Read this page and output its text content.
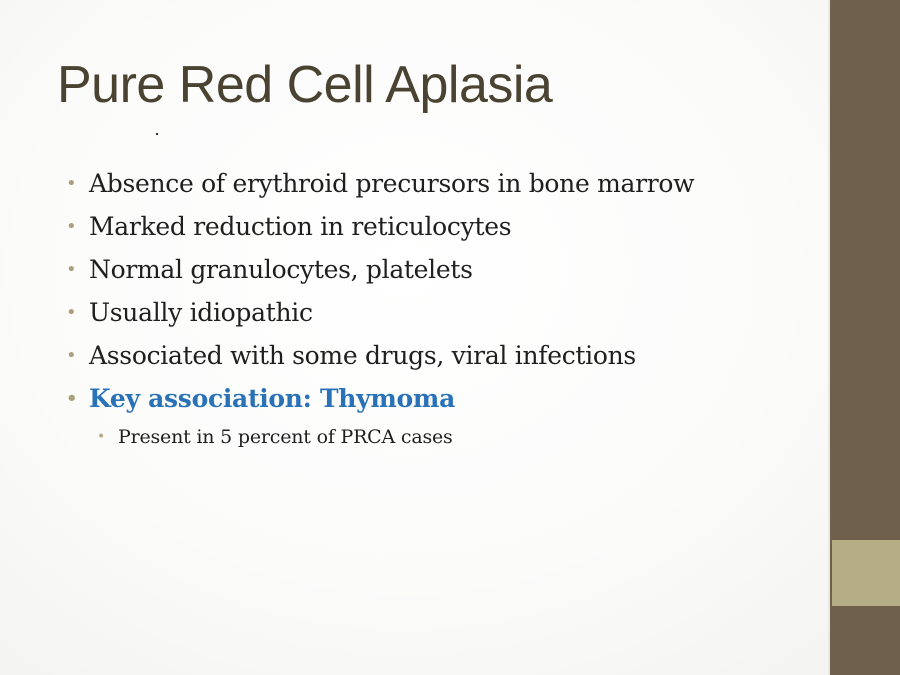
Pure Red Cell Aplasia
• Absence of erythroid precursors in bone marrow
• Marked reduction in reticulocytes
• Normal granulocytes, platelets
• Usually idiopathic
• Associated with some drugs, viral infections
• Key association: Thymoma
• Present in 5 percent of PRCA cases
